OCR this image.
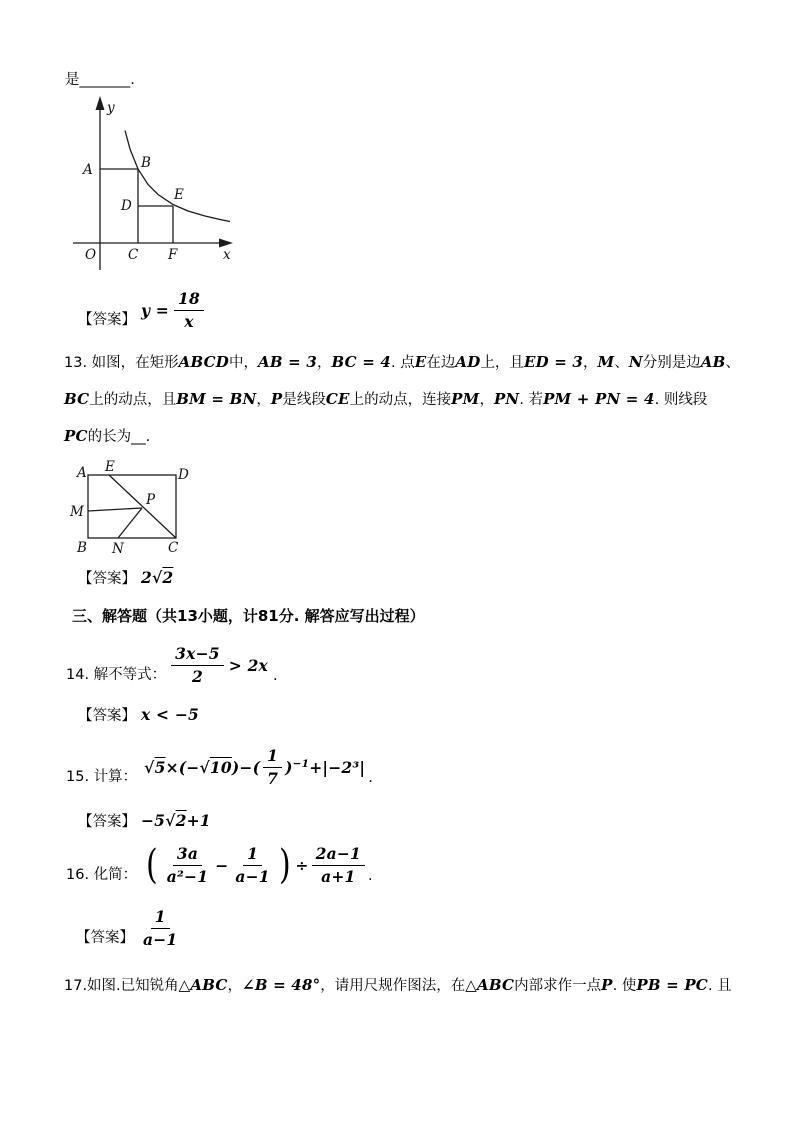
是_______.
y
x
O
A	B
C
D
E
F
【答案】 $y = \frac{18}{x}$
13. 如图，在矩形ABCD中，AB = 3，BC = 4. 点E在边AD上，且ED = 3，M、N分别是边AB、
BC上的动点，且BM = BN，P是线段CE上的动点，连接PM，PN. 若PM + PN = 4. 则线段
PC的长为__.
A E	D
M
P
B N	C
【答案】 2√2
三、解答题（共13小题，计81分. 解答应写出过程）
14. 解不等式： $\frac{3x-5}{2} > 2x$
.
【答案】 x < −5
15. 计算： $√5\times(-√10)-( \frac{1}{7} )^{-1}+|-2^3|$
.
【答案】 −5√2+1
16. 化简： ( $\frac{3a}{\text{a²−1}} - \frac{1}{a-1}$ ) ÷ $\frac{2a-1}{a+1}$ .
【答案】 $\frac{1}{a-1}$
17.如图.已知锐角△ABC，∠B = 48°，请用尺规作图法，在△ABC内部求作一点P. 使PB = PC. 且
